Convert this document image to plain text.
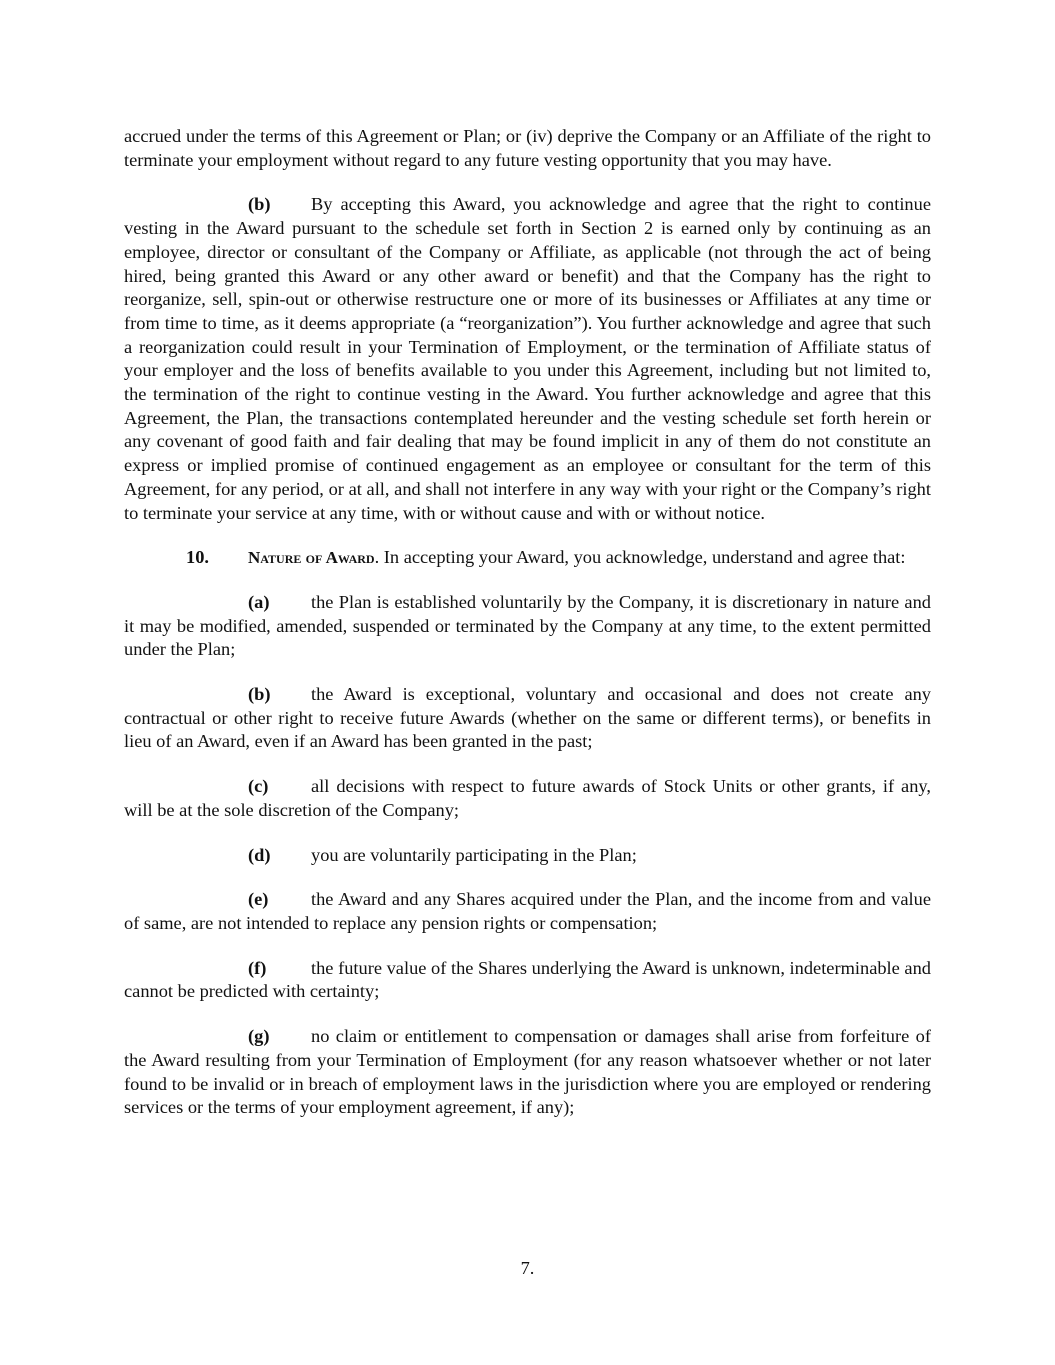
accrued under the terms of this Agreement or Plan; or (iv) deprive the Company or an Affiliate of the right to terminate your employment without regard to any future vesting opportunity that you may have.

(b) By accepting this Award, you acknowledge and agree that the right to continue vesting in the Award pursuant to the schedule set forth in Section 2 is earned only by continuing as an employee, director or consultant of the Company or Affiliate, as applicable (not through the act of being hired, being granted this Award or any other award or benefit) and that the Company has the right to reorganize, sell, spin-out or otherwise restructure one or more of its businesses or Affiliates at any time or from time to time, as it deems appropriate (a “reorganization”). You further acknowledge and agree that such a reorganization could result in your Termination of Employment, or the termination of Affiliate status of your employer and the loss of benefits available to you under this Agreement, including but not limited to, the termination of the right to continue vesting in the Award. You further acknowledge and agree that this Agreement, the Plan, the transactions contemplated hereunder and the vesting schedule set forth herein or any covenant of good faith and fair dealing that may be found implicit in any of them do not constitute an express or implied promise of continued engagement as an employee or consultant for the term of this Agreement, for any period, or at all, and shall not interfere in any way with your right or the Company’s right to terminate your service at any time, with or without cause and with or without notice.

10. Nature of Award. In accepting your Award, you acknowledge, understand and agree that:

(a) the Plan is established voluntarily by the Company, it is discretionary in nature and it may be modified, amended, suspended or terminated by the Company at any time, to the extent permitted under the Plan;

(b) the Award is exceptional, voluntary and occasional and does not create any contractual or other right to receive future Awards (whether on the same or different terms), or benefits in lieu of an Award, even if an Award has been granted in the past;

(c) all decisions with respect to future awards of Stock Units or other grants, if any, will be at the sole discretion of the Company;

(d) you are voluntarily participating in the Plan;

(e) the Award and any Shares acquired under the Plan, and the income from and value of same, are not intended to replace any pension rights or compensation;

(f) the future value of the Shares underlying the Award is unknown, indeterminable and cannot be predicted with certainty;

(g) no claim or entitlement to compensation or damages shall arise from forfeiture of the Award resulting from your Termination of Employment (for any reason whatsoever whether or not later found to be invalid or in breach of employment laws in the jurisdiction where you are employed or rendering services or the terms of your employment agreement, if any);

7.
